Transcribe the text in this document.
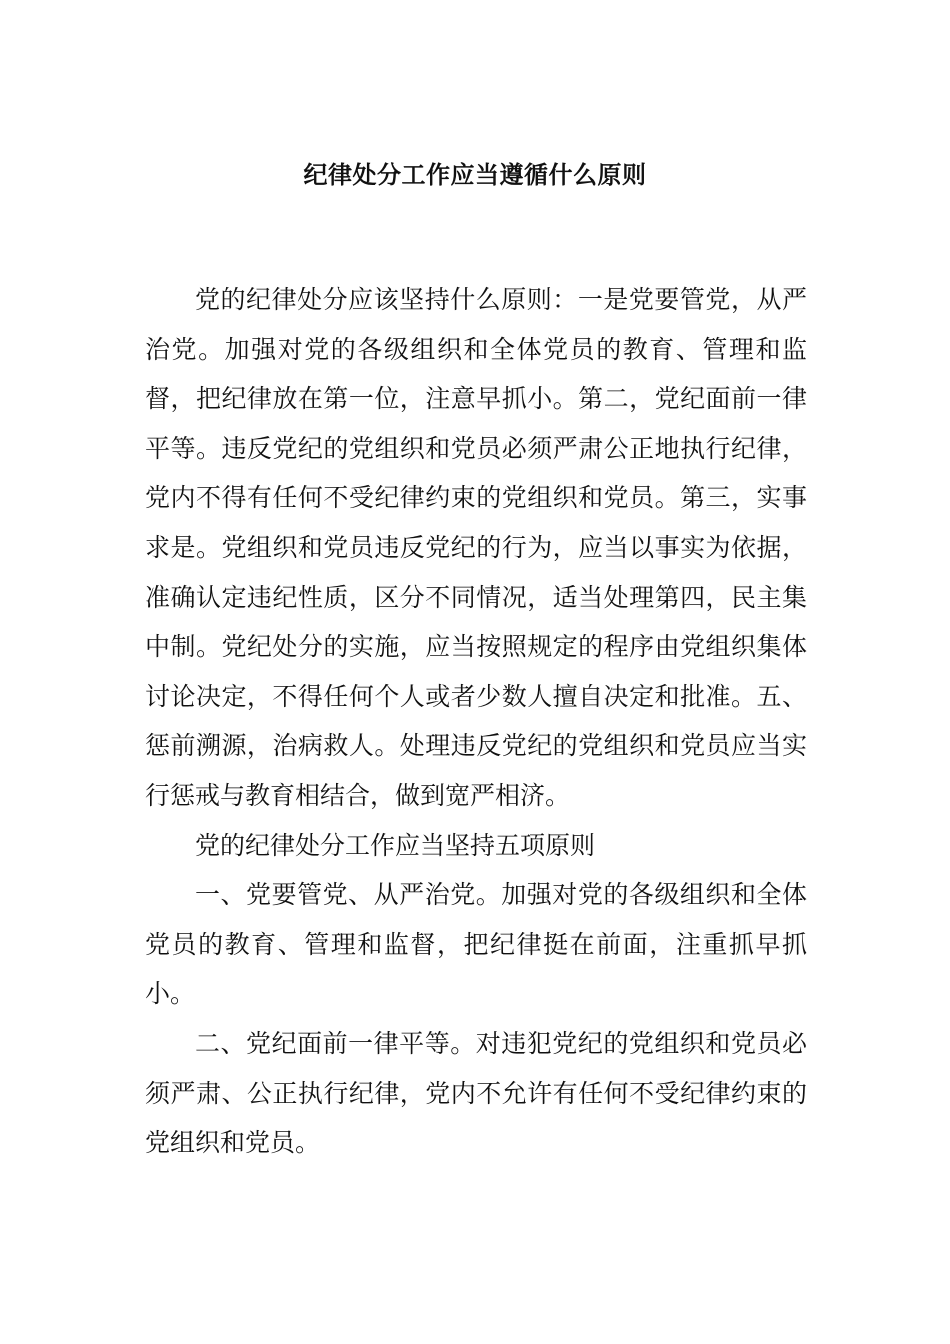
纪律处分工作应当遵循什么原则

党的纪律处分应该坚持什么原则：一是党要管党，从严治党。加强对党的各级组织和全体党员的教育、管理和监督，把纪律放在第一位，注意早抓小。第二，党纪面前一律平等。违反党纪的党组织和党员必须严肃公正地执行纪律，党内不得有任何不受纪律约束的党组织和党员。第三，实事求是。党组织和党员违反党纪的行为，应当以事实为依据，准确认定违纪性质，区分不同情况，适当处理第四，民主集中制。党纪处分的实施，应当按照规定的程序由党组织集体讨论决定，不得任何个人或者少数人擅自决定和批准。五、惩前溯源，治病救人。处理违反党纪的党组织和党员应当实行惩戒与教育相结合，做到宽严相济。

党的纪律处分工作应当坚持五项原则

一、党要管党、从严治党。加强对党的各级组织和全体党员的教育、管理和监督，把纪律挺在前面，注重抓早抓小。

二、党纪面前一律平等。对违犯党纪的党组织和党员必须严肃、公正执行纪律，党内不允许有任何不受纪律约束的党组织和党员。
